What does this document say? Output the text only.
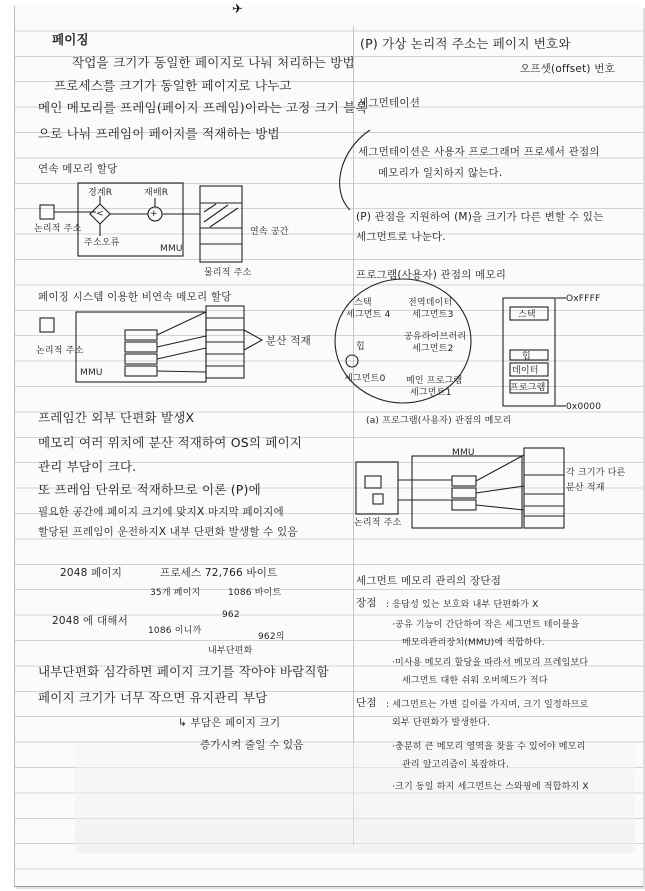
✈
페이징
작업을 크기가 동일한 페이지로 나눠 처리하는 방법
프로세스를 크기가 동일한 페이지로 나누고
메인 메모리를 프레임(페이지 프레임)이라는 고정 크기 블록
으로 나눠 프레임이 페이지를 적재하는 방법
연속 메모리 할당
페이징 시스템 이용한 비연속 메모리 할당
프레임간 외부 단편화 발생X
메모리 여러 위치에 분산 적재하여 OS의 페이지
관리 부담이 크다.
또 프레임 단위로 적재하므로 이론 (P)에
필요한 공간에 페이지 크기에 맞지X 마지막 페이지에
할당된 프레임이 운전하지X 내부 단편화 발생할 수 있음
2048 페이지	프로세스 72,766 바이트
35개 페이지	1086 바이트
2048 에 대해서	962
1086 이니까
962의
내부단편화
내부단편화 심각하면 페이지 크기를 작아야 바람직함
페이지 크기가 너무 작으면 유지관리 부담
↳ 부담은 페이지 크기
증가시켜 줄일 수 있음
(P) 가상 논리적 주소는 페이지 번호와
오프셋(offset) 번호
세그먼테이션
세그먼테이션은 사용자 프로그래머 프로세서 관점의
메모리가 일치하지 않는다.
(P) 관점을 지원하여 (M)을 크기가 다른 변할 수 있는
세그먼트로 나눈다.
프로그램(사용자) 관점의 메모리
(a) 프로그램(사용자) 관점의 메모리
세그먼트 메모리 관리의 장단점
장점 : 응답성 있는 보호와 내부 단편화가 X
·공유 기능이 간단하여 작은 세그먼트 테이블을
메모리관리장치(MMU)에 적합하다.
·미사용 메모리 할당을 따라서 메모리 프레임보다
세그먼트 대한 쉬워 오버헤드가 적다
단점 : 세그먼트는 가변 길이를 가지며, 크기 일정하므로
외부 단편화가 발생한다.
·충분히 큰 메모리 영역을 찾을 수 있어야 메모리
관리 알고리즘이 복잡하다.
·크기 동일 하지 세그먼트는 스와핑에 적합하지 X
논리적 주소
경계R	재배R
주소오류
+
<
MMU
연속 공간
물리적 주소
논리적 주소
MMU
분산 적재
스택
세그먼트 4
전역데이터
세그먼트3
힙
세그먼트0
공유라이브러리
세그먼트2
메인 프로그램
세그먼트1
스택
힙
데이터
프로그램
OxFFFF
0x0000
MMU
논리적 주소
각 크기가 다른 분산 적재
